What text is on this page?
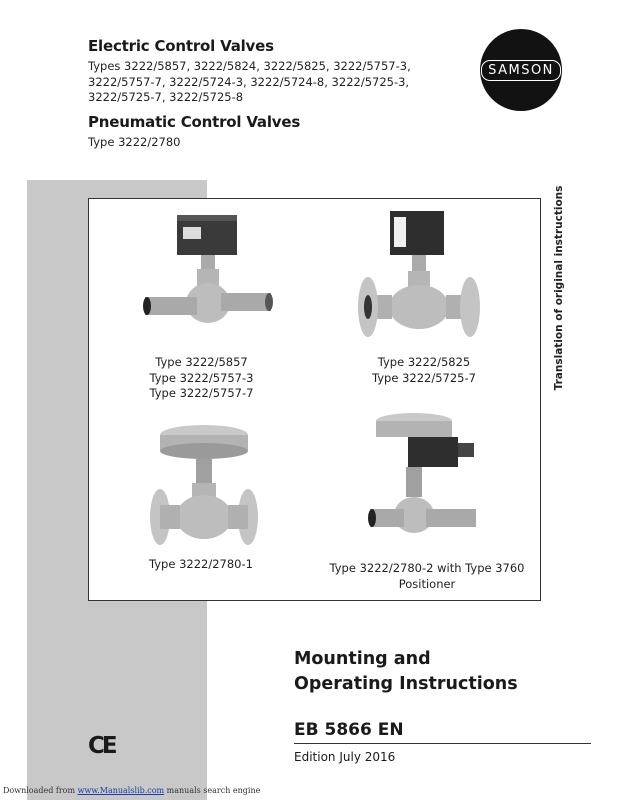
Electric Control Valves
Types 3222/5857, 3222/5824, 3222/5825, 3222/5757-3,
3222/5757-7, 3222/5724-3, 3222/5724-8, 3222/5725-3,
3222/5725-7, 3222/5725-8
Pneumatic Control Valves
Type 3222/2780
SAMSON
Translation of original instructions
Type 3222/5857
Type 3222/5757-3
Type 3222/5757-7
Type 3222/5825
Type 3222/5725-7
Type 3222/2780-1	Type 3222/2780-2 with Type 3760
Positioner
Mounting and
Operating Instructions
EB 5866 EN
Edition July 2016
CE
Downloaded from www.Manualslib.com manuals search engine
